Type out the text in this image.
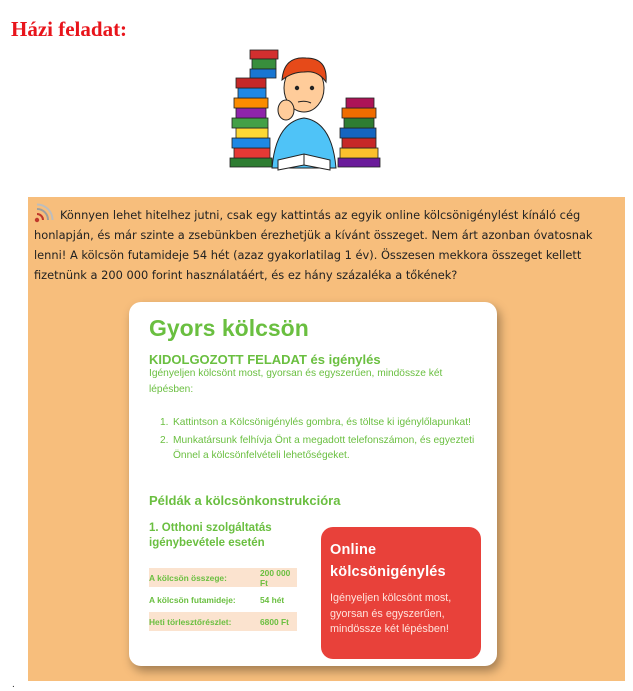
Házi feladat:

Könnyen lehet hitelhez jutni, csak egy kattintás az egyik online kölcsönigénylést kínáló cég honlapján, és már szinte a zsebünkben érezhetjük a kívánt összeget. Nem árt azonban óvatosnak lenni! A kölcsön futamideje 54 hét (azaz gyakorlatilag 1 év). Összesen mekkora összeget kellett fizetnünk a 200 000 forint használatáért, és ez hány százaléka a tőkének?

Gyors kölcsön
KIDOLGOZOTT FELADAT és igénylés
Igényeljen kölcsönt most, gyorsan és egyszerűen, mindössze két lépésben:
1. Kattintson a Kölcsönigénylés gombra, és töltse ki igénylőlapunkat!
2. Munkatársunk felhívja Önt a megadott telefonszámon, és egyezteti Önnel a kölcsönfelvételi lehetőségeket.
Példák a kölcsönkonstrukcióra
1. Otthoni szolgáltatás igénybevétele esetén
A kölcsön összege:	200 000 Ft
A kölcsön futamideje:	54 hét
Heti törlesztőrészlet:	6800 Ft
Online kölcsönigénylés
Igényeljen kölcsönt most, gyorsan és egyszerűen, mindössze két lépésben!
.
